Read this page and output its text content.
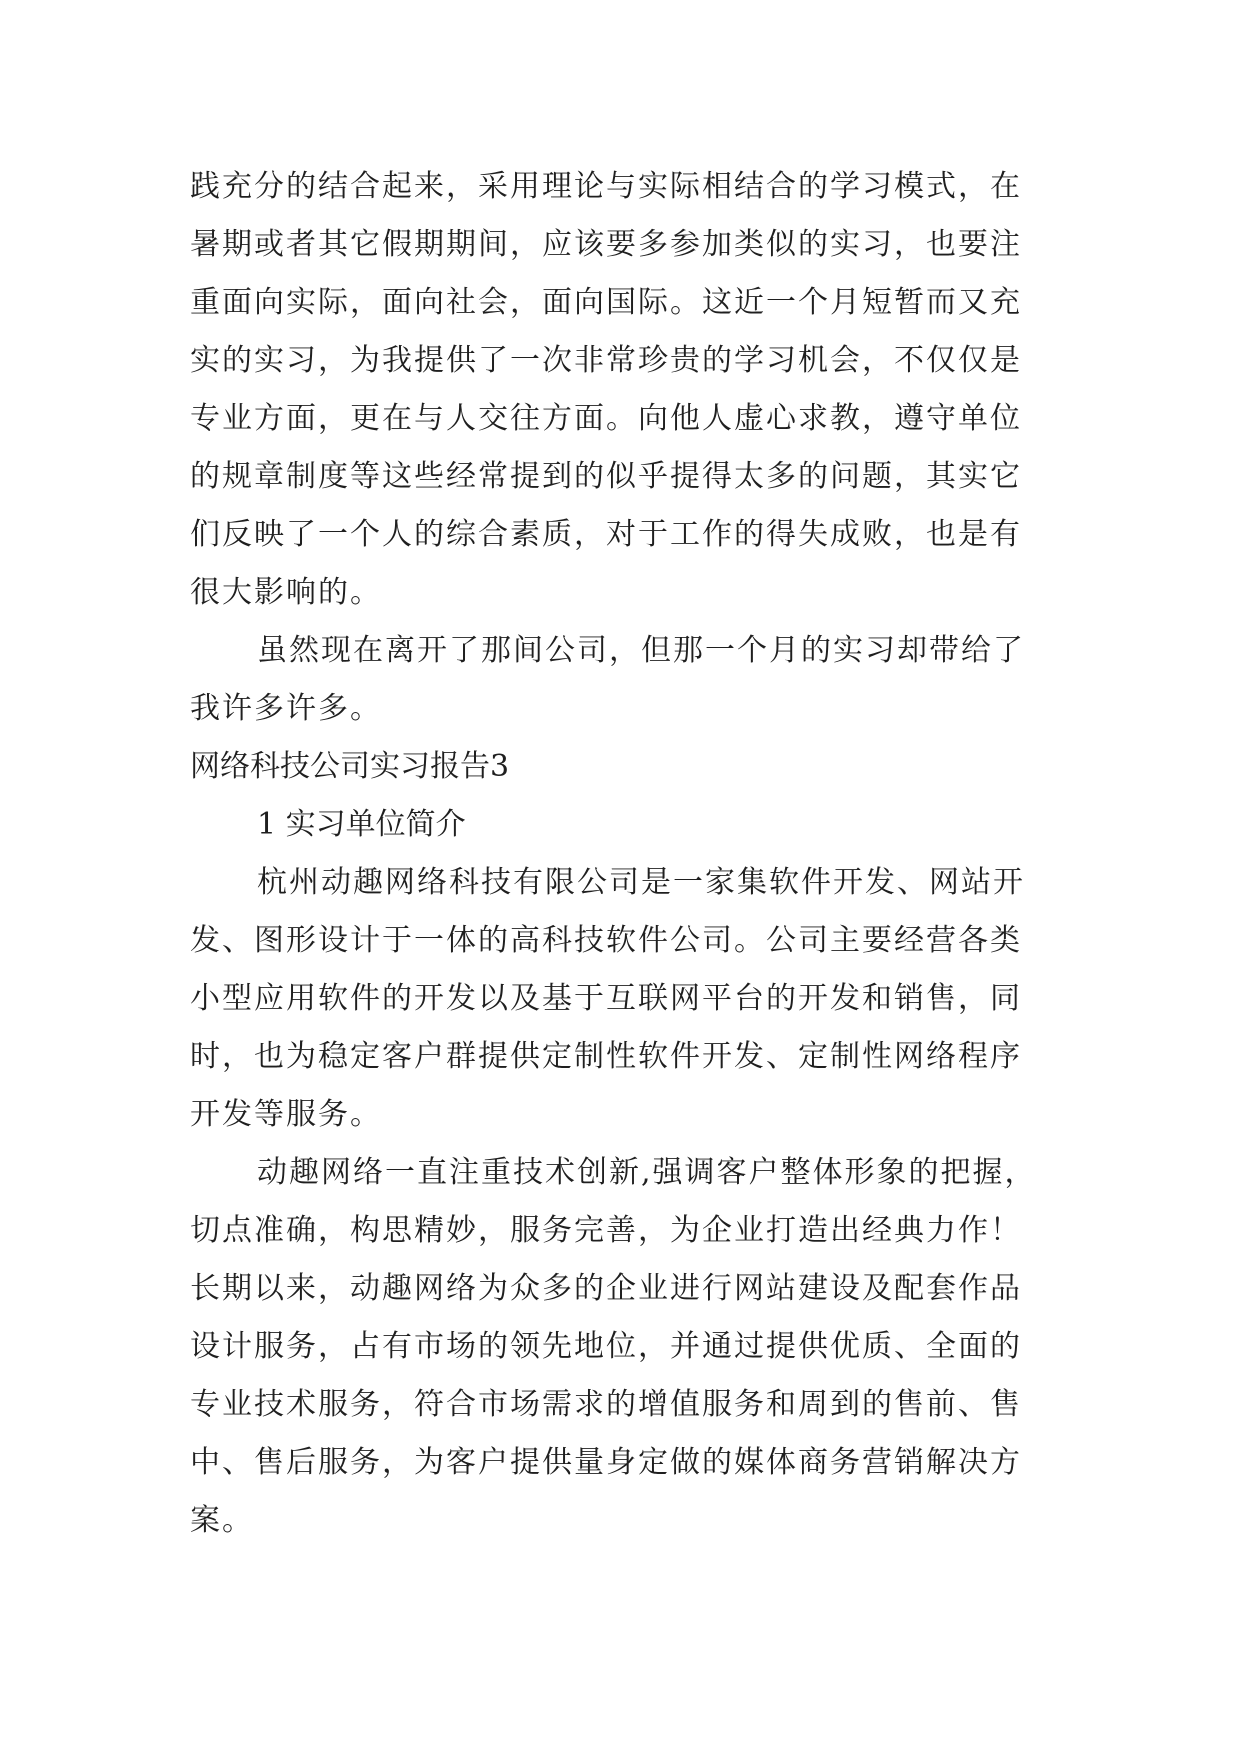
践充分的结合起来，采用理论与实际相结合的学习模式，在
暑期或者其它假期期间，应该要多参加类似的实习，也要注
重面向实际，面向社会，面向国际。这近一个月短暂而又充
实的实习，为我提供了一次非常珍贵的学习机会，不仅仅是
专业方面，更在与人交往方面。向他人虚心求教，遵守单位
的规章制度等这些经常提到的似乎提得太多的问题，其实它
们反映了一个人的综合素质，对于工作的得失成败，也是有
很大影响的。
虽然现在离开了那间公司，但那一个月的实习却带给了
我许多许多。
网络科技公司实习报告3
1 实习单位简介
杭州动趣网络科技有限公司是一家集软件开发、网站开
发、图形设计于一体的高科技软件公司。公司主要经营各类
小型应用软件的开发以及基于互联网平台的开发和销售，同
时，也为稳定客户群提供定制性软件开发、定制性网络程序
开发等服务。
动趣网络一直注重技术创新,强调客户整体形象的把握，
切点准确，构思精妙，服务完善，为企业打造出经典力作！
长期以来，动趣网络为众多的企业进行网站建设及配套作品
设计服务，占有市场的领先地位，并通过提供优质、全面的
专业技术服务，符合市场需求的增值服务和周到的售前、售
中、售后服务，为客户提供量身定做的媒体商务营销解决方
案。
